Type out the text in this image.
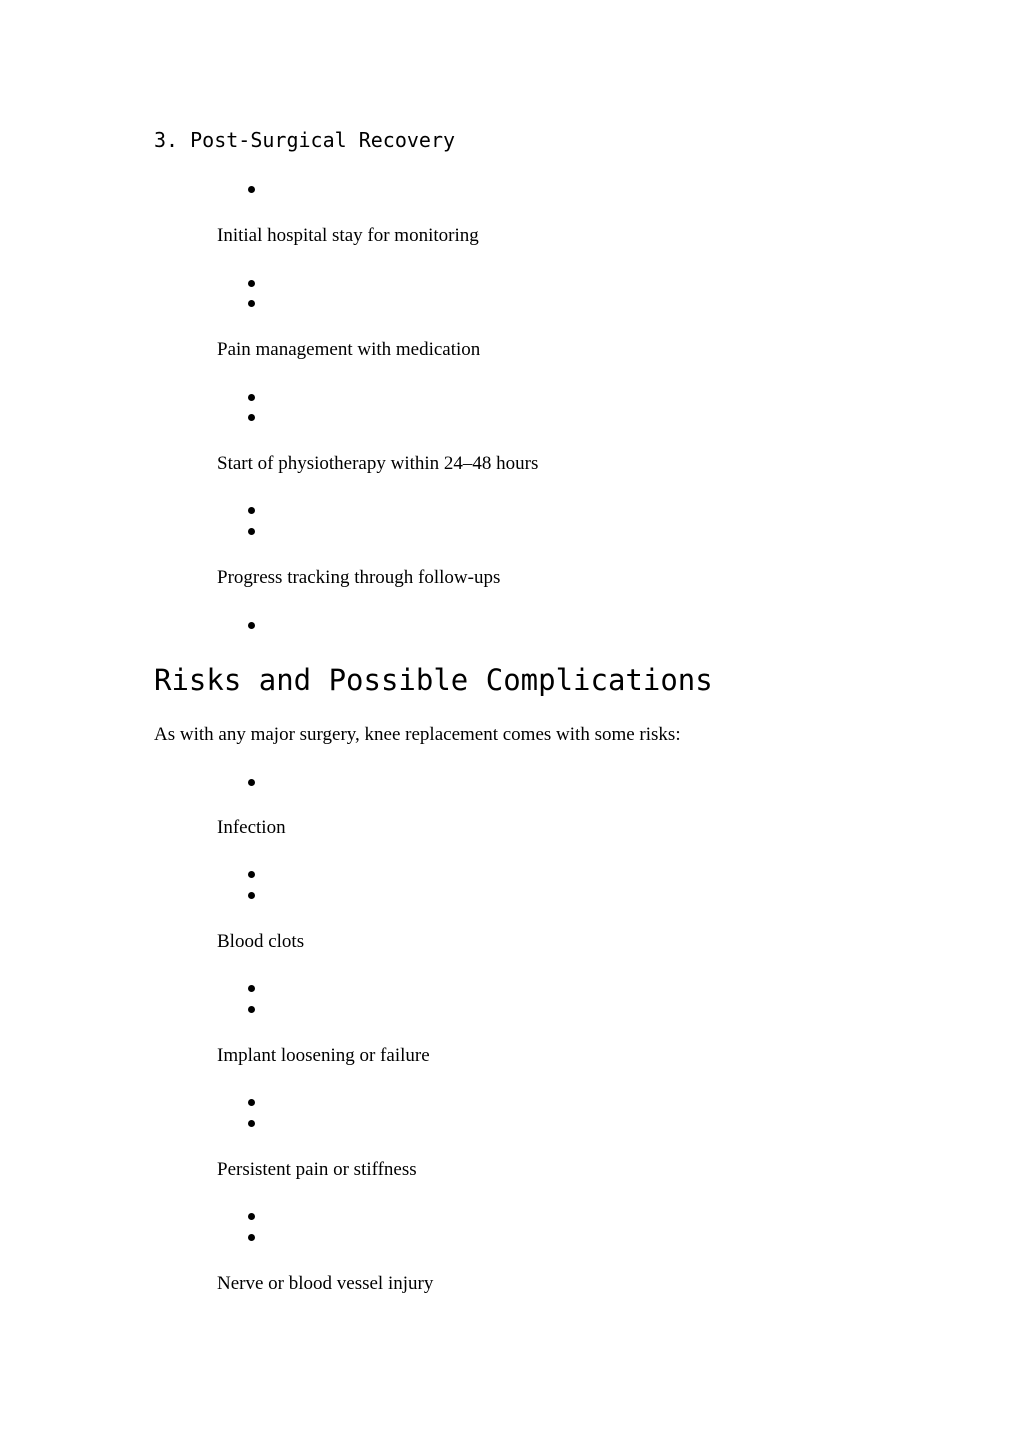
3. Post-Surgical Recovery
Initial hospital stay for monitoring
Pain management with medication
Start of physiotherapy within 24–48 hours
Progress tracking through follow-ups
Risks and Possible Complications
As with any major surgery, knee replacement comes with some risks:
Infection
Blood clots
Implant loosening or failure
Persistent pain or stiffness
Nerve or blood vessel injury
